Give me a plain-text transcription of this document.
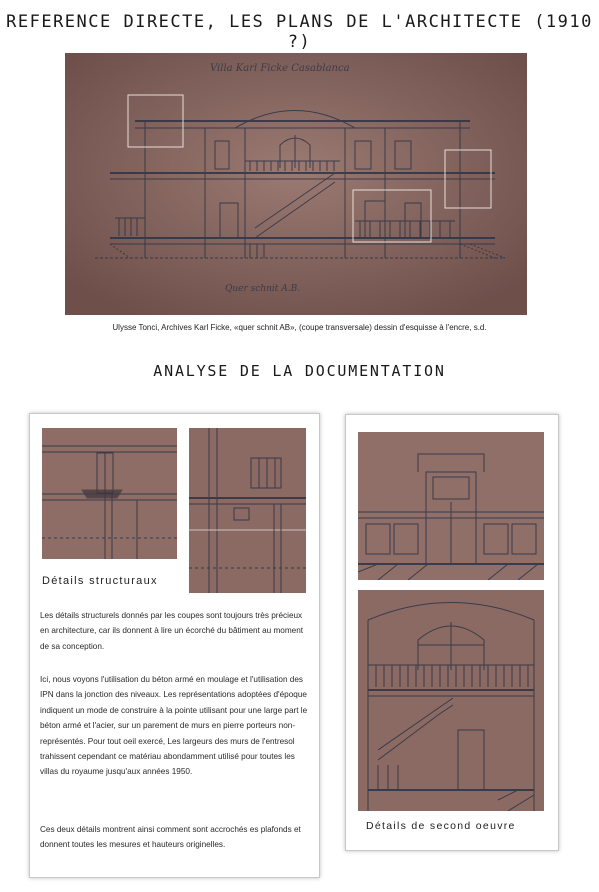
REFERENCE DIRECTE, LES PLANS DE L'ARCHITECTE (1910 ?)
Villa Karl Ficke Casablanca
Quer schnit A.B.
Ulysse Tonci, Archives Karl Ficke, «quer schnit AB», (coupe transversale) dessin d'esquisse à l'encre, s.d.
ANALYSE DE LA DOCUMENTATION
Détails structuraux

Les détails structurels donnés par les coupes sont toujours très précieux en architecture, car ils donnent à lire un écorché du bâtiment au moment de sa conception.

Ici, nous voyons l'utilisation du béton armé en moulage et l'utilisation des IPN dans la jonction des niveaux. Les représentations adoptées d'époque indiquent un mode de construire à la pointe utilisant pour une large part le béton armé et l'acier, sur un parement de murs en pierre porteurs non-représentés. Pour tout oeil exercé, Les largeurs des murs de l'entresol trahissent cependant ce matériau abondamment utilisé pour toutes les villas du royaume jusqu'aux années 1950.

Ces deux détails montrent ainsi comment sont accrochés es plafonds et donnent toutes les mesures et hauteurs originelles.

Détails de second oeuvre
